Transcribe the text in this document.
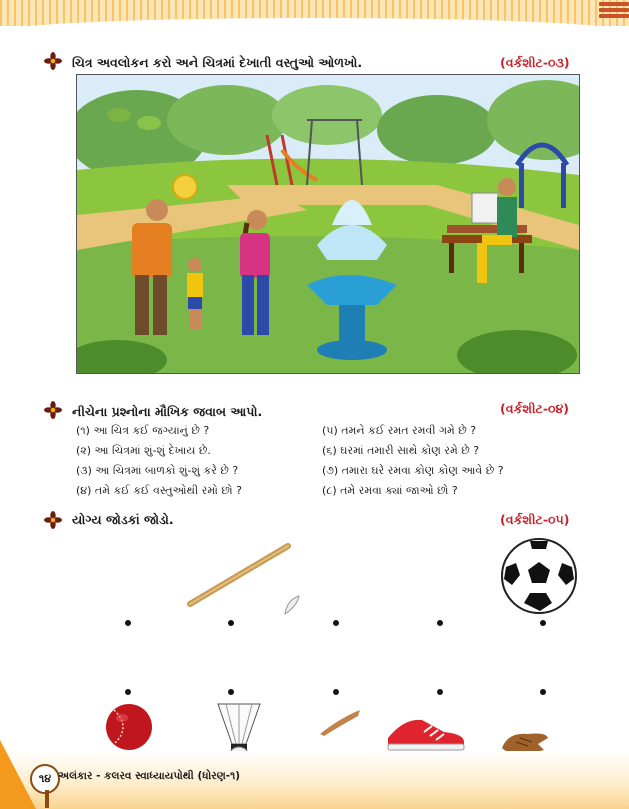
ચિત્ર અવલોકન કરો અને ચિત્રમાં દેખાતી વસ્તુઓ ઓળખો.	(વર્કશીટ-૦૩)
નીચેના પ્રશ્નોના મૌખિક જવાબ આપો.	(વર્કશીટ-૦૪)
(૧) આ ચિત્ર કઈ જગ્યાનું છે ?
(૨) આ ચિત્રમાં શું-શું દેખાય છે.
(૩) આ ચિત્રમાં બાળકો શું-શું કરે છે ?
(૪) તમે કઈ કઈ વસ્તુઓથી રમો છો ?
(૫) તમને કઈ રમત રમવી ગમે છે ?
(૬) ઘરમાં તમારી સાથે કોણ રમે છે ?
(૭) તમારા ઘરે રમવા કોણ કોણ આવે છે ?
(૮) તમે રમવા ક્યાં જાઓ છો ?
યોગ્ય જોડકાં જોડો.	(વર્કશીટ-૦૫)
૧૪ અલંકાર - કલરવ સ્વાધ્યાયપોથી (ધોરણ-૧)
